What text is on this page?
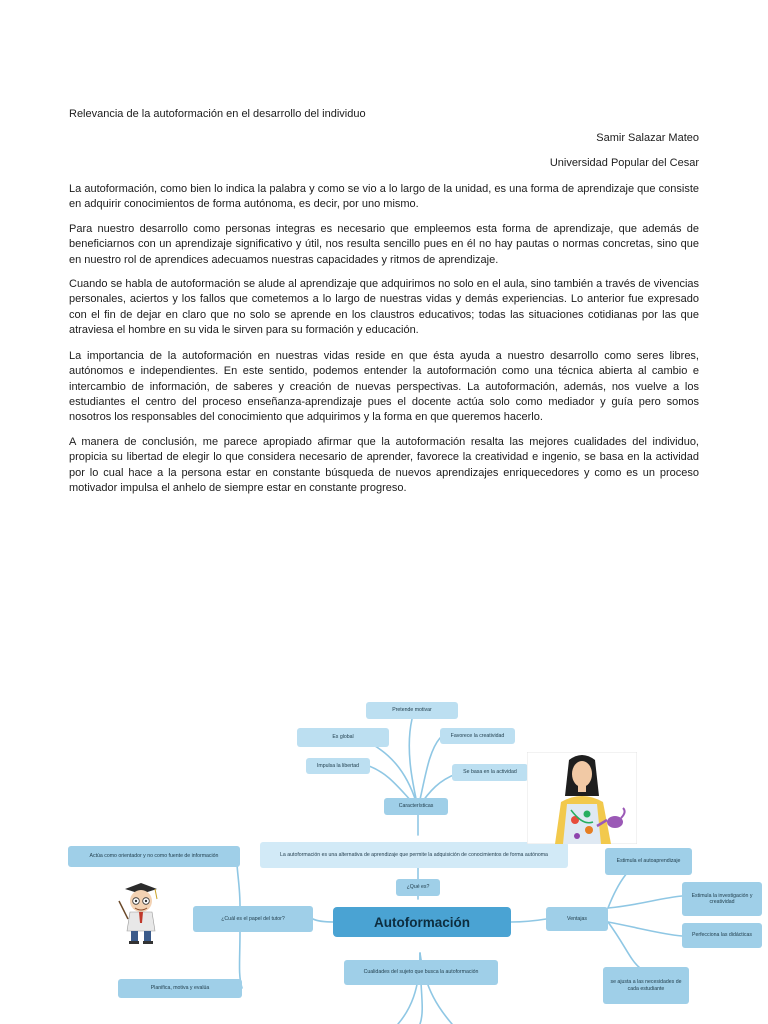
Relevancia de la autoformación en el desarrollo del individuo
Samir Salazar Mateo
Universidad Popular del Cesar
La autoformación, como bien lo indica la palabra y como se vio a lo largo de la unidad, es una forma de aprendizaje que consiste en adquirir conocimientos de forma autónoma, es decir, por uno mismo.
Para nuestro desarrollo como personas integras es necesario que empleemos esta forma de aprendizaje, que además de beneficiarnos con un aprendizaje significativo y útil, nos resulta sencillo pues en él no hay pautas o normas concretas, sino que en nuestro rol de aprendices adecuamos nuestras capacidades y ritmos de aprendizaje.
Cuando se habla de autoformación se alude al aprendizaje que adquirimos no solo en el aula, sino también a través de vivencias personales, aciertos y los fallos que cometemos a lo largo de nuestras vidas y demás experiencias. Lo anterior fue expresado con el fin de dejar en claro que no solo se aprende en los claustros educativos; todas las situaciones cotidianas por las que atraviesa el hombre en su vida le sirven para su formación y educación.
La importancia de la autoformación en nuestras vidas reside en que ésta ayuda a nuestro desarrollo como seres libres, autónomos e independientes. En este sentido, podemos entender la autoformación como una técnica abierta al cambio e intercambio de información, de saberes y creación de nuevas perspectivas. La autoformación, además, nos vuelve a los estudiantes el centro del proceso enseñanza-aprendizaje pues el docente actúa solo como mediador y guía pero somos nosotros los responsables del conocimiento que adquirimos y la forma en que queremos hacerlo.
A manera de conclusión, me parece apropiado afirmar que la autoformación resalta las mejores cualidades del individuo, propicia su libertad de elegir lo que considera necesario de aprender, favorece la creatividad e ingenio, se basa en la actividad por lo cual hace a la persona estar en constante búsqueda de nuevos aprendizajes enriquecedores y como es un proceso motivador impulsa el anhelo de siempre estar en constante progreso.
Pretende motivar
Es global	Favorece la creatividad
Impulsa la libertad
Se basa en la actividad
Características
La autoformación es una alternativa de aprendizaje que permite la adquisición de conocimientos de forma autónoma
¿Qué es?
Autoformación
Actúa como orientador y no como fuente de información
¿Cuál es el papel del tutor?
Planifica, motiva y evalúa
Ventajas
Estimula el autoaprendizaje
Estimula la investigación y creatividad
Perfecciona las didácticas
se ajusta a las necesidades de cada estudiante
Cualidades del sujeto que busca la autoformación
